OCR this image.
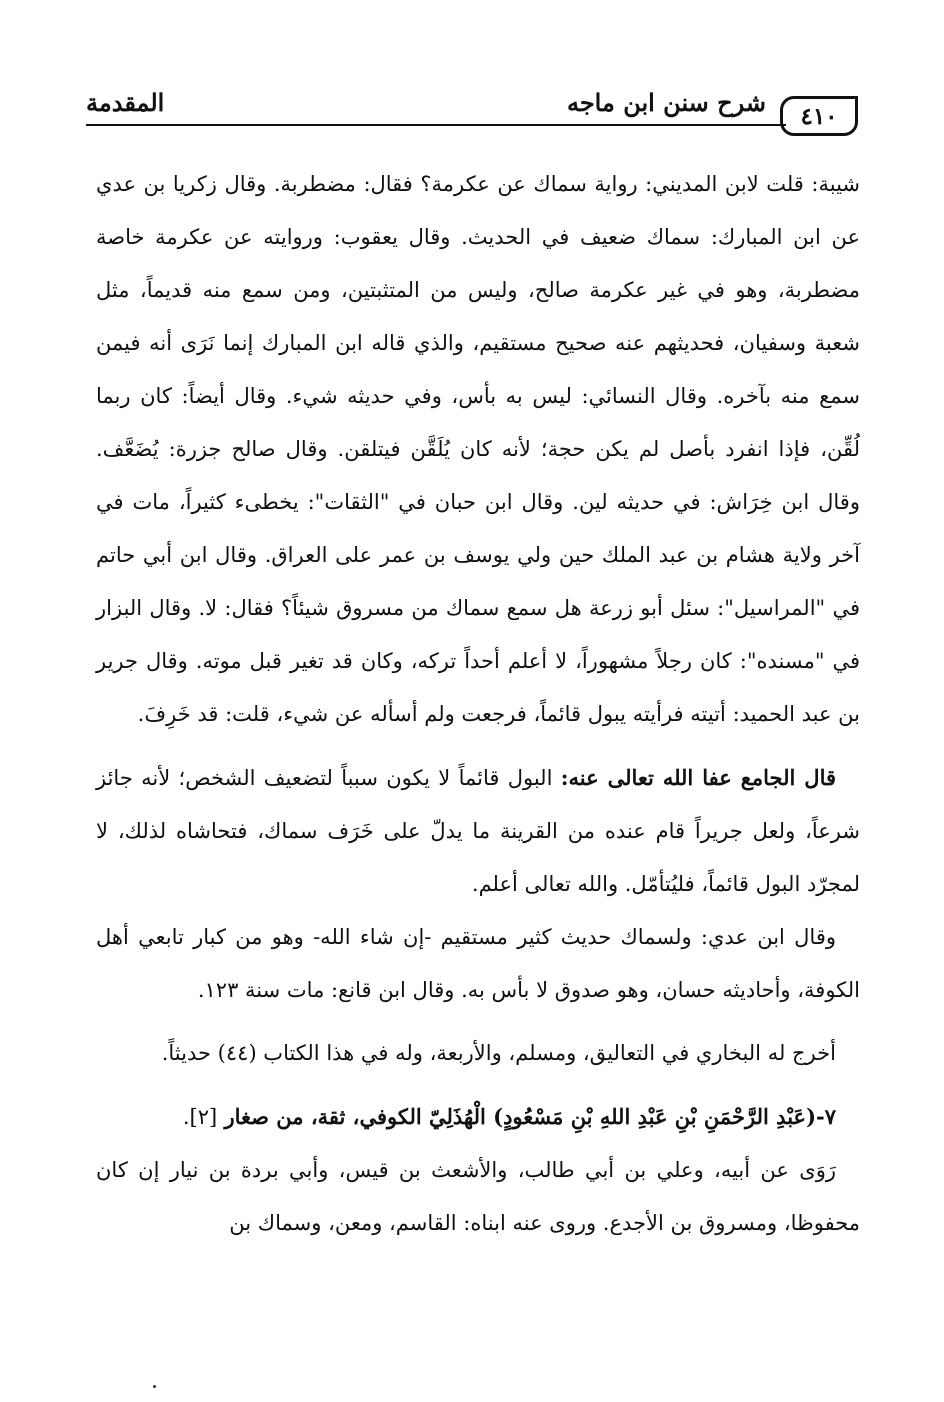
٤١٠
شرح سنن ابن ماجه
المقدمة

شيبة: قلت لابن المديني: رواية سماك عن عكرمة؟ فقال: مضطربة. وقال زكريا بن عدي عن ابن المبارك: سماك ضعيف في الحديث. وقال يعقوب: وروايته عن عكرمة خاصة مضطربة، وهو في غير عكرمة صالح، وليس من المتثبتين، ومن سمع منه قديماً، مثل شعبة وسفيان، فحديثهم عنه صحيح مستقيم، والذي قاله ابن المبارك إنما نَرَى أنه فيمن سمع منه بآخره. وقال النسائي: ليس به بأس، وفي حديثه شيء. وقال أيضاً: كان ربما لُقِّن، فإذا انفرد بأصل لم يكن حجة؛ لأنه كان يُلَقَّن فيتلقن. وقال صالح جزرة: يُضَعَّف. وقال ابن خِرَاش: في حديثه لين. وقال ابن حبان في "الثقات": يخطىء كثيراً، مات في آخر ولاية هشام بن عبد الملك حين ولي يوسف بن عمر على العراق. وقال ابن أبي حاتم في "المراسيل": سئل أبو زرعة هل سمع سماك من مسروق شيئاً؟ فقال: لا. وقال البزار في "مسنده": كان رجلاً مشهوراً، لا أعلم أحداً تركه، وكان قد تغير قبل موته. وقال جرير بن عبد الحميد: أتيته فرأيته يبول قائماً، فرجعت ولم أسأله عن شيء، قلت: قد خَرِفَ.

قال الجامع عفا الله تعالى عنه: البول قائماً لا يكون سبباً لتضعيف الشخص؛ لأنه جائز شرعاً، ولعل جريراً قام عنده من القرينة ما يدلّ على خَرَف سماك، فتحاشاه لذلك، لا لمجرّد البول قائماً، فليُتأمّل. والله تعالى أعلم.

وقال ابن عدي: ولسماك حديث كثير مستقيم -إن شاء الله- وهو من كبار تابعي أهل الكوفة، وأحاديثه حسان، وهو صدوق لا بأس به. وقال ابن قانع: مات سنة ١٢٣.

أخرج له البخاري في التعاليق، ومسلم، والأربعة، وله في هذا الكتاب (٤٤) حديثاً.

٧-(عَبْدِ الرَّحْمَنِ بْنِ عَبْدِ اللهِ بْنِ مَسْعُودٍ) الْهُذَلِيّ الكوفي، ثقة، من صغار [٢].

رَوَى عن أبيه، وعلي بن أبي طالب، والأشعث بن قيس، وأبي بردة بن نيار إن كان محفوظا، ومسروق بن الأجدع. وروى عنه ابناه: القاسم، ومعن، وسماك بن
